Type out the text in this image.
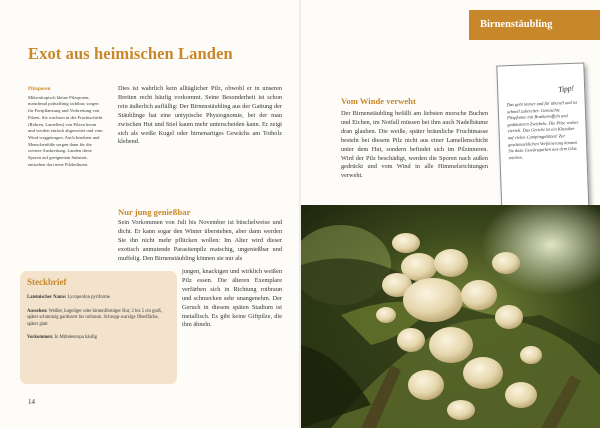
Exot aus heimischen Landen
Pilzsporen

Mikroskopisch kleine Pilzsporen, manchmal polnaffinig sichtbar, sorgen für Fortpflanzung und Verbreitung von Pilzen. Sie wachsen in der Fruchtschicht (Röhren, Lamellen) von Pilzen heran und werden einfach abgeweitet und vom Wind weggetragen. Auch Insekten und Menschenfüße sorgen dann für die weitere Ausbreitung. Landen diese Sporen auf geeignetem Substrat, entstehen dort neue Pilzkulturen.

Dies ist wahrlich kein alltäglicher Pilz, obwohl er in unseren Breiten recht häufig vorkommt. Seine Besonderheit ist schon rein äußerlich auffällig: Der Birnenstäubling aus der Gattung der Stäublinge hat eine untypische Physiognomie, bei der man zwischen Hut und Stiel kaum mehr unterscheiden kann. Er zeigt sich als weiße Kugel oder birnenartiges Gewächs am Totholz klebend.
Nur jung genießbar
Sein Vorkommen von Juli bis November ist büschelweise und dicht. Er kann sogar den Winter überstehen, aber dann werden Sie ihn nicht mehr pflücken wollen: Im Alter wird dieser exotisch anmutende Parasitenpilz matschig, ungenießbar und muffelig. Den Birnenstäubling können sie nur als
jungen, knackigen und wirklich weißen Pilz essen. Die älteren Exemplare verfärben sich in Richtung rotbraun und schmecken sehr unangenehm. Der Geruch in diesem späten Stadium ist metallisch. Es gibt keine Giftpilze, die ihm ähneln.
Steckbrief
Lateinischer Name: Lycoperdon pyriforme
Aussehen: Weißer, kugeliger oder birnenförmiger Hut, 2 bis 5 cm groß, später schmutzig gardisiert bis rotbraun. Schrupp-warzige Oberfläche, später glatt
Vorkommen: In Mitteleuropa häufig
14
Birnenstäubling
Vom Winde verweht
Der Birnenstäubling befällt am liebsten morsche Buchen und Eichen, im Notfall müssen bei ihm auch Nadelbäume dran glauben. Die weiße, später bräunliche Fruchtmasse besteht bei diesem Pilz nicht aus einer Lamellenschicht unter dem Hut, sondern befindet sich im Pilzinneren. Wird der Pilz beschädigt, werden die Sporen nach außen gedrückt und vom Wind in alle Himmelsrichtungen verweht.
Tipp!
Das geht immer und für überall und ist schnell zubereitet: Gemischte Pilzpfanne mit Bratkartoffeln und gedünsteten Zwiebeln. Die Pilze vorher viertelt. Das Gericht ist ein Klassiker auf vielen Campingplätzen! Zur geschmacklichen Verfeinerung können Sie dazu Gewürzgurken aus dem Glas reichen.
